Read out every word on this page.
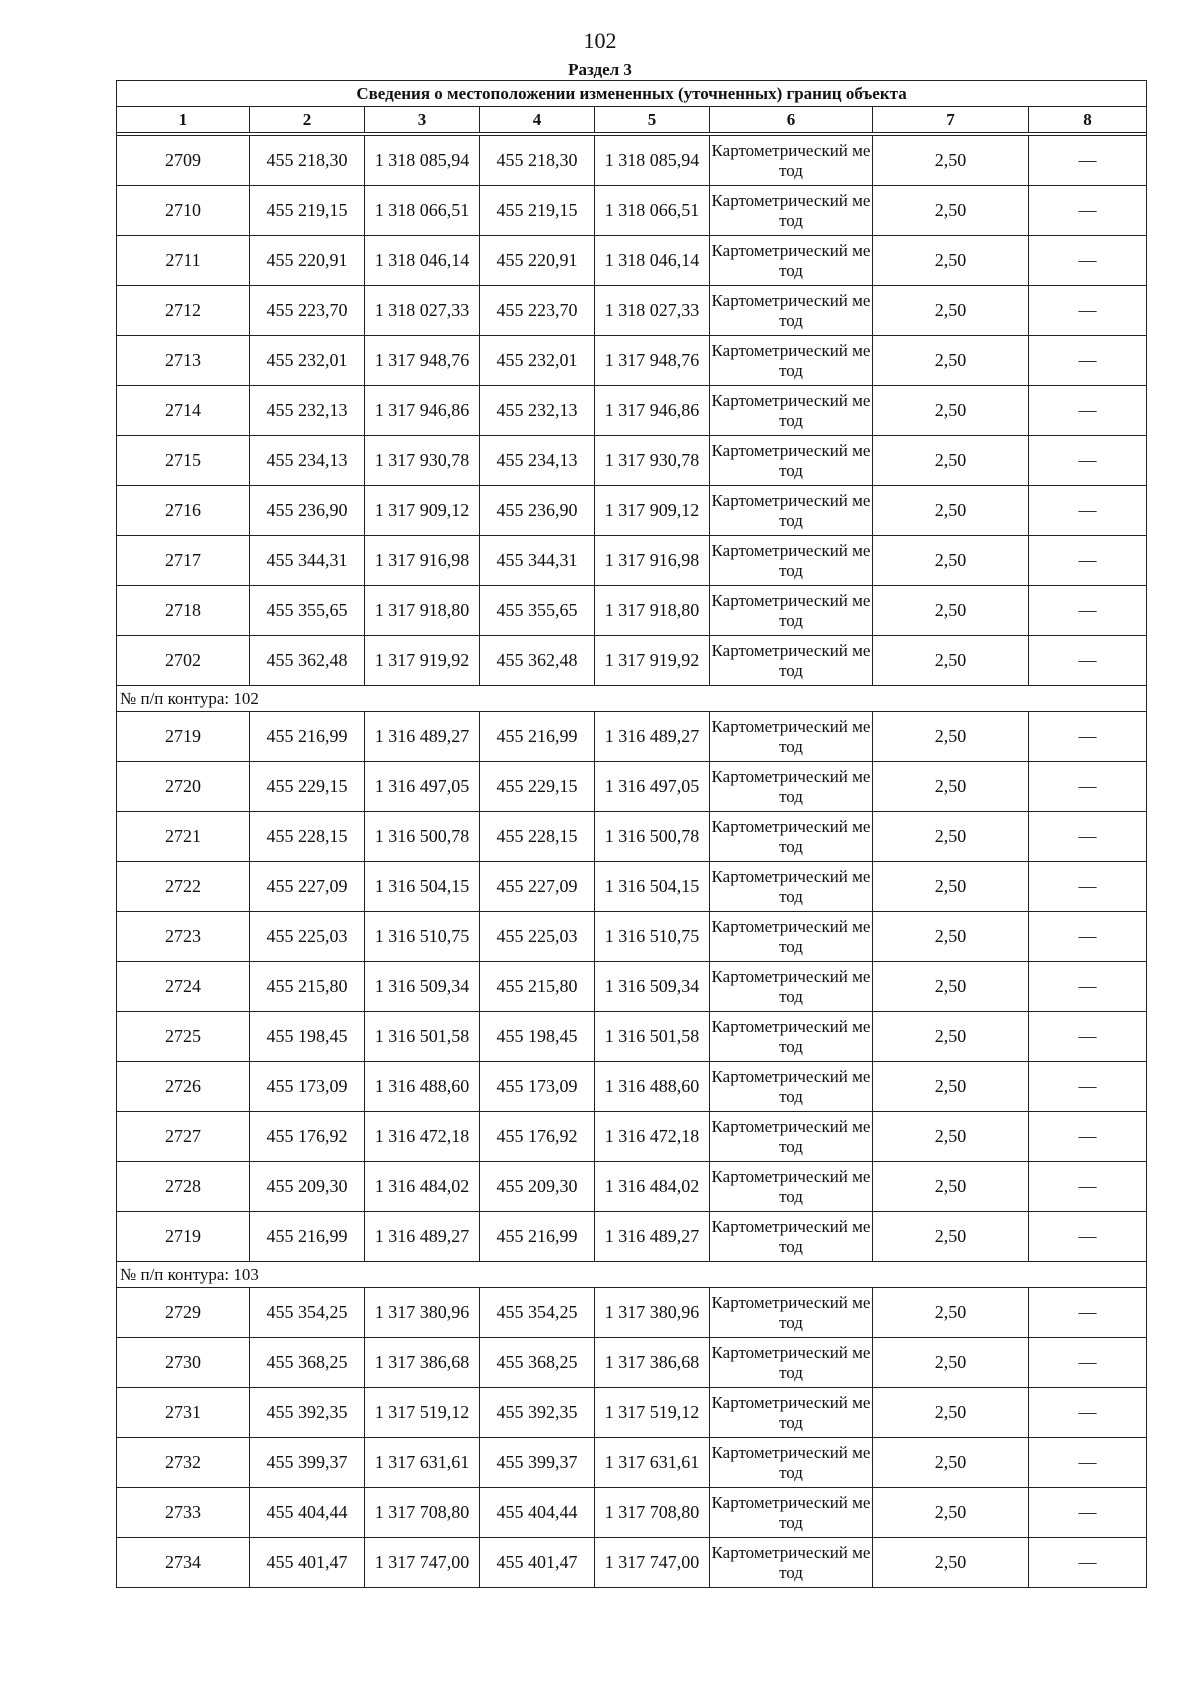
102
Раздел 3
Сведения о местоположении измененных (уточненных) границ объекта							
1	2	3	4	5	6	7	8

2709	455 218,30	1 318 085,94	455 218,30	1 318 085,94	Картометрический метод	2,50	—
2710	455 219,15	1 318 066,51	455 219,15	1 318 066,51	Картометрический метод	2,50	—
2711	455 220,91	1 318 046,14	455 220,91	1 318 046,14	Картометрический метод	2,50	—
2712	455 223,70	1 318 027,33	455 223,70	1 318 027,33	Картометрический метод	2,50	—
2713	455 232,01	1 317 948,76	455 232,01	1 317 948,76	Картометрический метод	2,50	—
2714	455 232,13	1 317 946,86	455 232,13	1 317 946,86	Картометрический метод	2,50	—
2715	455 234,13	1 317 930,78	455 234,13	1 317 930,78	Картометрический метод	2,50	—
2716	455 236,90	1 317 909,12	455 236,90	1 317 909,12	Картометрический метод	2,50	—
2717	455 344,31	1 317 916,98	455 344,31	1 317 916,98	Картометрический метод	2,50	—
2718	455 355,65	1 317 918,80	455 355,65	1 317 918,80	Картометрический метод	2,50	—
2702	455 362,48	1 317 919,92	455 362,48	1 317 919,92	Картометрический метод	2,50	—
№ п/п контура: 102							
2719	455 216,99	1 316 489,27	455 216,99	1 316 489,27	Картометрический метод	2,50	—
2720	455 229,15	1 316 497,05	455 229,15	1 316 497,05	Картометрический метод	2,50	—
2721	455 228,15	1 316 500,78	455 228,15	1 316 500,78	Картометрический метод	2,50	—
2722	455 227,09	1 316 504,15	455 227,09	1 316 504,15	Картометрический метод	2,50	—
2723	455 225,03	1 316 510,75	455 225,03	1 316 510,75	Картометрический метод	2,50	—
2724	455 215,80	1 316 509,34	455 215,80	1 316 509,34	Картометрический метод	2,50	—
2725	455 198,45	1 316 501,58	455 198,45	1 316 501,58	Картометрический метод	2,50	—
2726	455 173,09	1 316 488,60	455 173,09	1 316 488,60	Картометрический метод	2,50	—
2727	455 176,92	1 316 472,18	455 176,92	1 316 472,18	Картометрический метод	2,50	—
2728	455 209,30	1 316 484,02	455 209,30	1 316 484,02	Картометрический метод	2,50	—
2719	455 216,99	1 316 489,27	455 216,99	1 316 489,27	Картометрический метод	2,50	—
№ п/п контура: 103							
2729	455 354,25	1 317 380,96	455 354,25	1 317 380,96	Картометрический метод	2,50	—
2730	455 368,25	1 317 386,68	455 368,25	1 317 386,68	Картометрический метод	2,50	—
2731	455 392,35	1 317 519,12	455 392,35	1 317 519,12	Картометрический метод	2,50	—
2732	455 399,37	1 317 631,61	455 399,37	1 317 631,61	Картометрический метод	2,50	—
2733	455 404,44	1 317 708,80	455 404,44	1 317 708,80	Картометрический метод	2,50	—
2734	455 401,47	1 317 747,00	455 401,47	1 317 747,00	Картометрический метод	2,50	—
